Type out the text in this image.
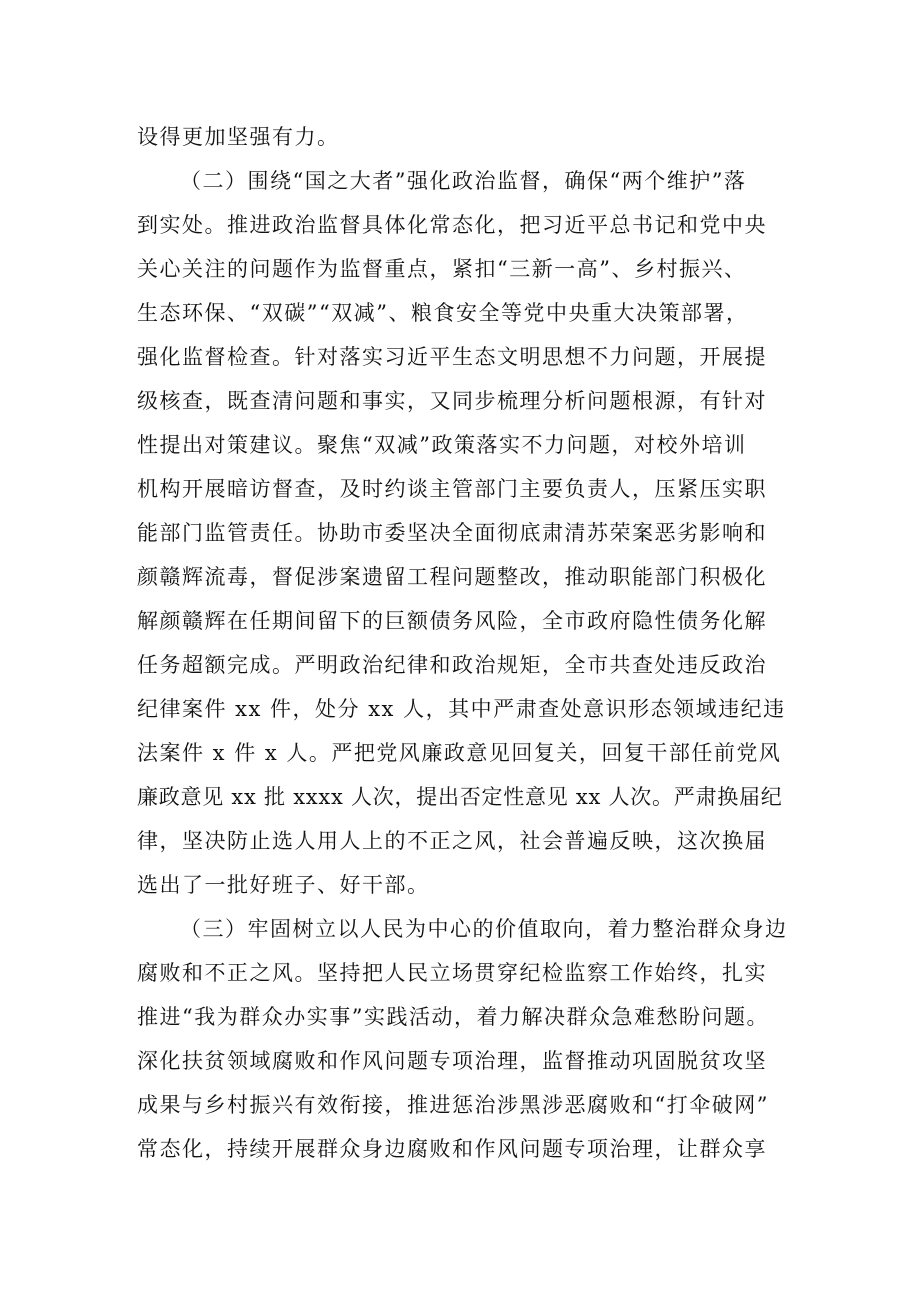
设得更加坚强有力。

（二）围绕“国之大者”强化政治监督，确保“两个维护”落

到实处。推进政治监督具体化常态化，把习近平总书记和党中央

关心关注的问题作为监督重点，紧扣“三新一高”、乡村振兴、

生态环保、“双碳”“双减”、粮食安全等党中央重大决策部署，

强化监督检查。针对落实习近平生态文明思想不力问题，开展提

级核查，既查清问题和事实，又同步梳理分析问题根源，有针对

性提出对策建议。聚焦“双减”政策落实不力问题，对校外培训

机构开展暗访督查，及时约谈主管部门主要负责人，压紧压实职

能部门监管责任。协助市委坚决全面彻底肃清苏荣案恶劣影响和

颜赣辉流毒，督促涉案遗留工程问题整改，推动职能部门积极化

解颜赣辉在任期间留下的巨额债务风险，全市政府隐性债务化解

任务超额完成。严明政治纪律和政治规矩，全市共查处违反政治

纪律案件 xx 件，处分 xx 人，其中严肃查处意识形态领域违纪违

法案件 x 件 x 人。严把党风廉政意见回复关，回复干部任前党风

廉政意见 xx 批 xxxx 人次，提出否定性意见 xx 人次。严肃换届纪

律，坚决防止选人用人上的不正之风，社会普遍反映，这次换届

选出了一批好班子、好干部。

（三）牢固树立以人民为中心的价值取向，着力整治群众身边

腐败和不正之风。坚持把人民立场贯穿纪检监察工作始终，扎实

推进“我为群众办实事”实践活动，着力解决群众急难愁盼问题。

深化扶贫领域腐败和作风问题专项治理，监督推动巩固脱贫攻坚

成果与乡村振兴有效衔接，推进惩治涉黑涉恶腐败和“打伞破网”

常态化，持续开展群众身边腐败和作风问题专项治理，让群众享
